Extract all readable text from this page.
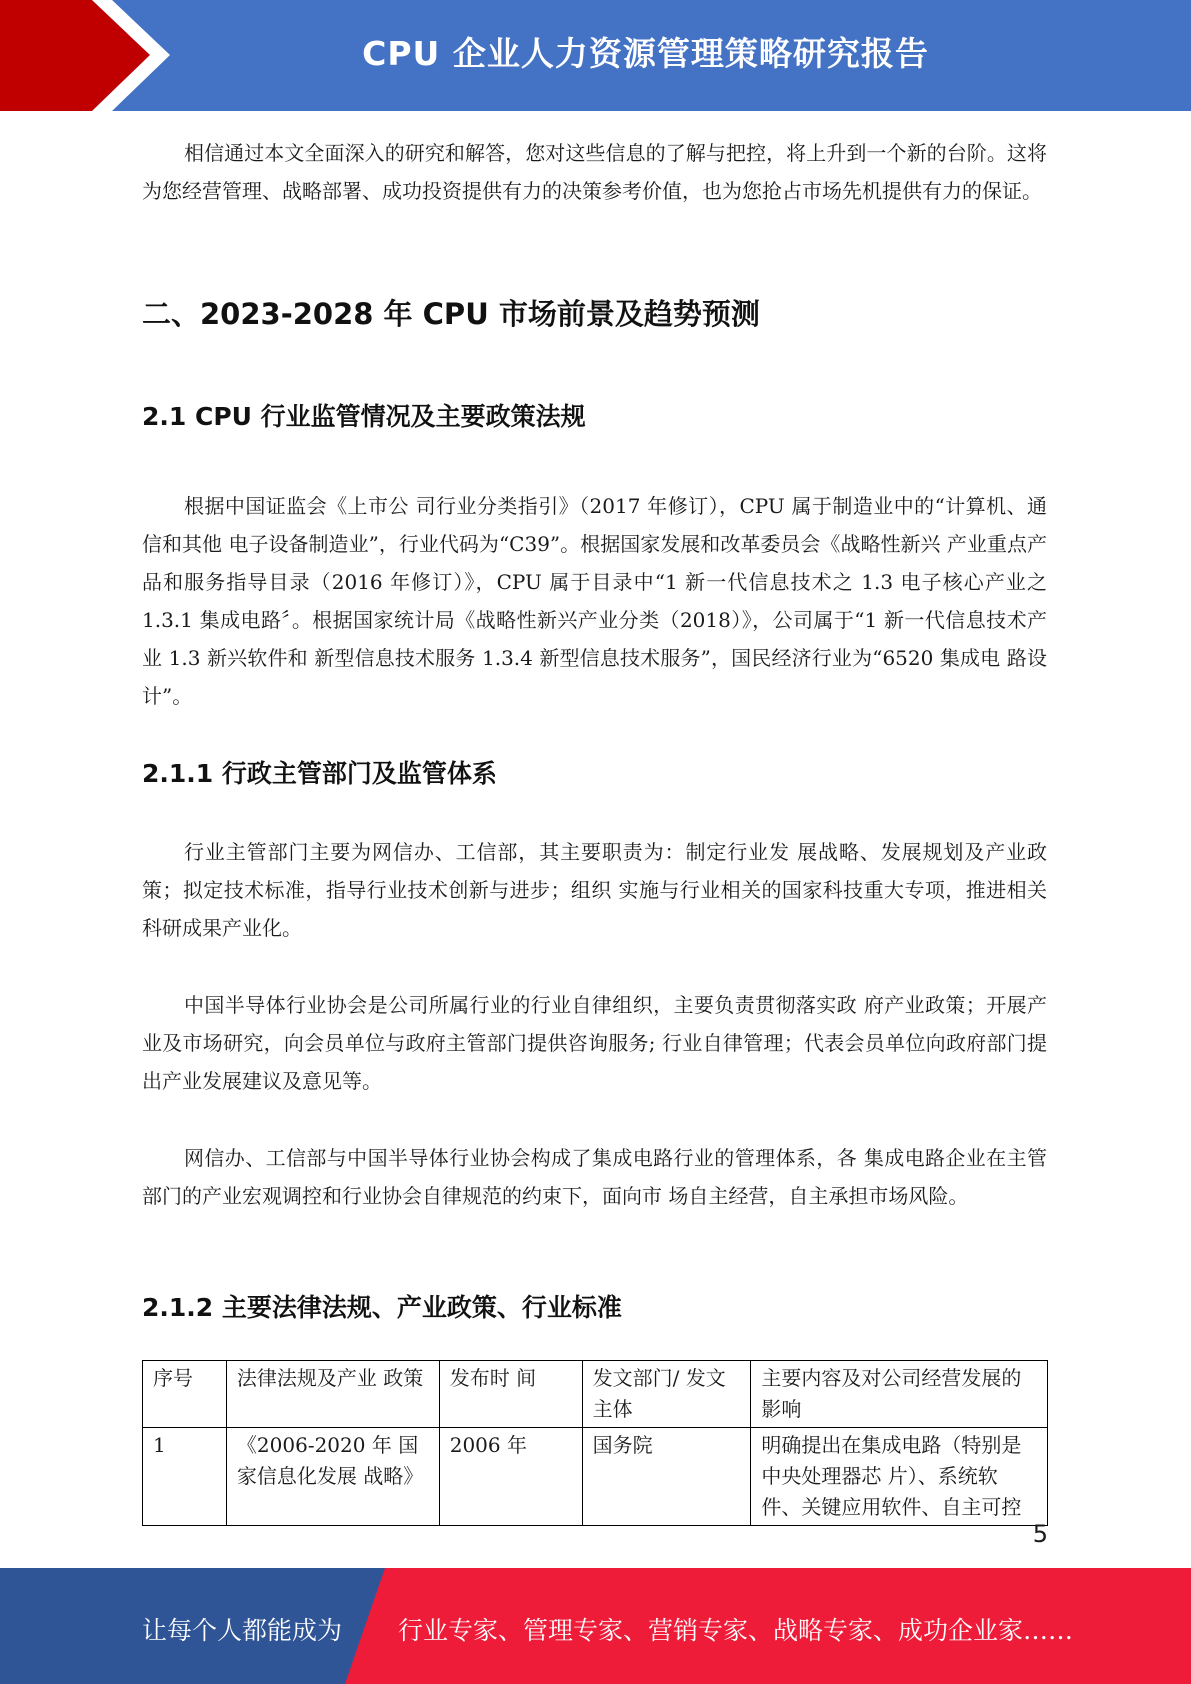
CPU 企业人力资源管理策略研究报告

相信通过本文全面深入的研究和解答，您对这些信息的了解与把控，将上升到一个新的台阶。这将为您经营管理、战略部署、成功投资提供有力的决策参考价值，也为您抢占市场先机提供有力的保证。

二、2023-2028 年 CPU 市场前景及趋势预测
2.1 CPU 行业监管情况及主要政策法规

根据中国证监会《上市公 司行业分类指引》（2017 年修订），CPU 属于制造业中的“计算机、通信和其他 电子设备制造业”，行业代码为“C39”。根据国家发展和改革委员会《战略性新兴 产业重点产品和服务指导目录（2016 年修订）》，CPU 属于目录中“1 新一代信息技术之 1.3 电子核心产业之 1.3.1 集成电路〞。根据国家统计局《战略性新兴产业分类（2018）》，公司属于“1 新一代信息技术产业 1.3 新兴软件和 新型信息技术服务 1.3.4 新型信息技术服务”，国民经济行业为“6520 集成电 路设计”。

2.1.1 行政主管部门及监管体系

行业主管部门主要为网信办、工信部，其主要职责为：制定行业发 展战略、发展规划及产业政策；拟定技术标准，指导行业技术创新与进步；组织 实施与行业相关的国家科技重大专项，推进相关科研成果产业化。

中国半导体行业协会是公司所属行业的行业自律组织，主要负责贯彻落实政 府产业政策；开展产业及市场研究，向会员单位与政府主管部门提供咨询服务; 行业自律管理；代表会员单位向政府部门提出产业发展建议及意见等。

网信办、工信部与中国半导体行业协会构成了集成电路行业的管理体系，各 集成电路企业在主管部门的产业宏观调控和行业协会自律规范的约束下，面向市 场自主经营，自主承担市场风险。

2.1.2 主要法律法规、产业政策、行业标准
序号	法律法规及产业 政策	发布时 间	发文部门/ 发文主体	主要内容及对公司经营发展的影响
1	《2006-2020 年 国家信息化发展 战略》	2006 年	国务院	明确提出在集成电路（特别是中央处理器芯 片）、系统软件、关键应用软件、自主可控
5
让每个人都能成为 行业专家、管理专家、营销专家、战略专家、成功企业家……
